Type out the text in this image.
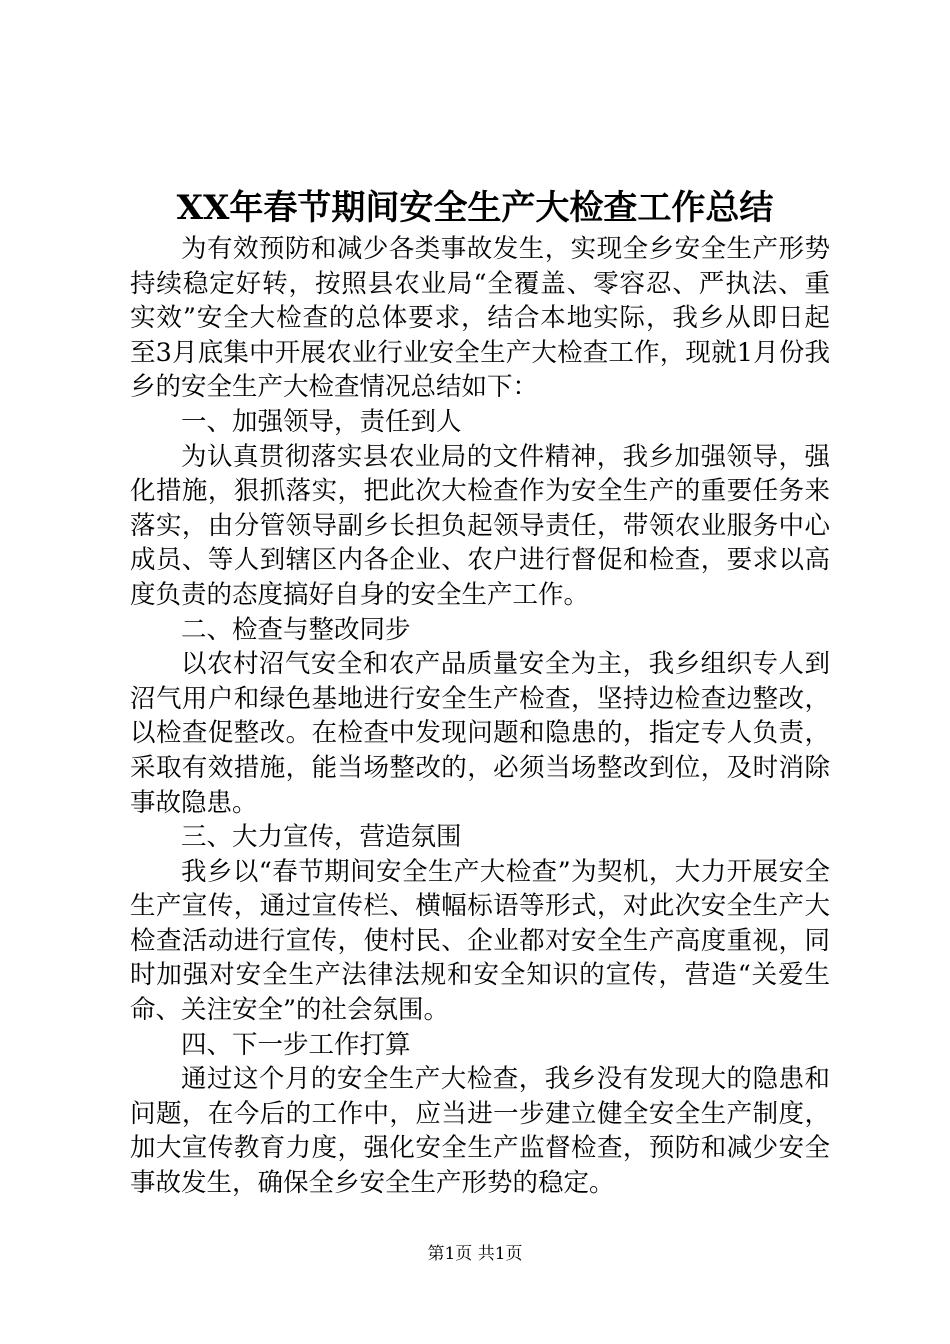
XX年春节期间安全生产大检查工作总结

为有效预防和减少各类事故发生，实现全乡安全生产形势持续稳定好转，按照县农业局“全覆盖、零容忍、严执法、重实效”安全大检查的总体要求，结合本地实际，我乡从即日起至3月底集中开展农业行业安全生产大检查工作，现就1月份我乡的安全生产大检查情况总结如下：

一、加强领导，责任到人

为认真贯彻落实县农业局的文件精神，我乡加强领导，强化措施，狠抓落实，把此次大检查作为安全生产的重要任务来落实，由分管领导副乡长担负起领导责任，带领农业服务中心成员、等人到辖区内各企业、农户进行督促和检查，要求以高度负责的态度搞好自身的安全生产工作。

二、检查与整改同步

以农村沼气安全和农产品质量安全为主，我乡组织专人到沼气用户和绿色基地进行安全生产检查，坚持边检查边整改，以检查促整改。在检查中发现问题和隐患的，指定专人负责，采取有效措施，能当场整改的，必须当场整改到位，及时消除事故隐患。

三、大力宣传，营造氛围

我乡以“春节期间安全生产大检查”为契机，大力开展安全生产宣传，通过宣传栏、横幅标语等形式，对此次安全生产大检查活动进行宣传，使村民、企业都对安全生产高度重视，同时加强对安全生产法律法规和安全知识的宣传，营造“关爱生命、关注安全”的社会氛围。

四、下一步工作打算

通过这个月的安全生产大检查，我乡没有发现大的隐患和问题，在今后的工作中，应当进一步建立健全安全生产制度，加大宣传教育力度，强化安全生产监督检查，预防和减少安全事故发生，确保全乡安全生产形势的稳定。

第1页 共1页
